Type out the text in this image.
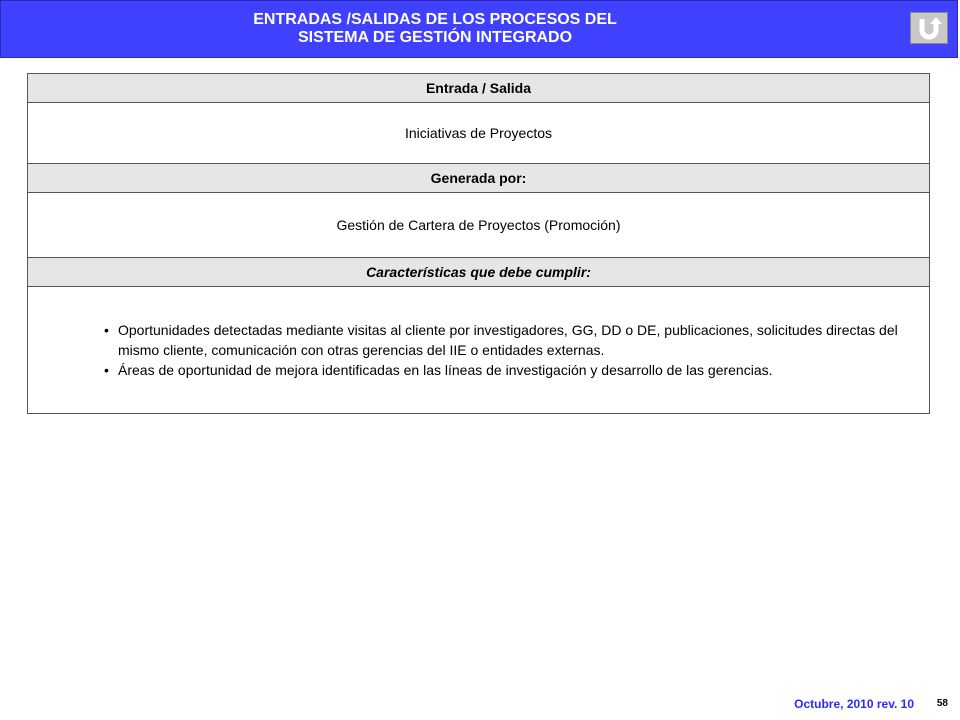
ENTRADAS /SALIDAS DE LOS PROCESOS DEL
SISTEMA DE GESTIÓN INTEGRADO
Entrada / Salida
Iniciativas de Proyectos
Generada por:
Gestión de Cartera de Proyectos (Promoción)
Características que debe cumplir:

• Oportunidades detectadas mediante visitas al cliente por investigadores, GG, DD o DE, publicaciones, solicitudes directas del mismo cliente, comunicación con otras gerencias del IIE o entidades externas.
• Áreas de oportunidad de mejora identificadas en las líneas de investigación y desarrollo de las gerencias.
Octubre, 2010 rev. 10 58
